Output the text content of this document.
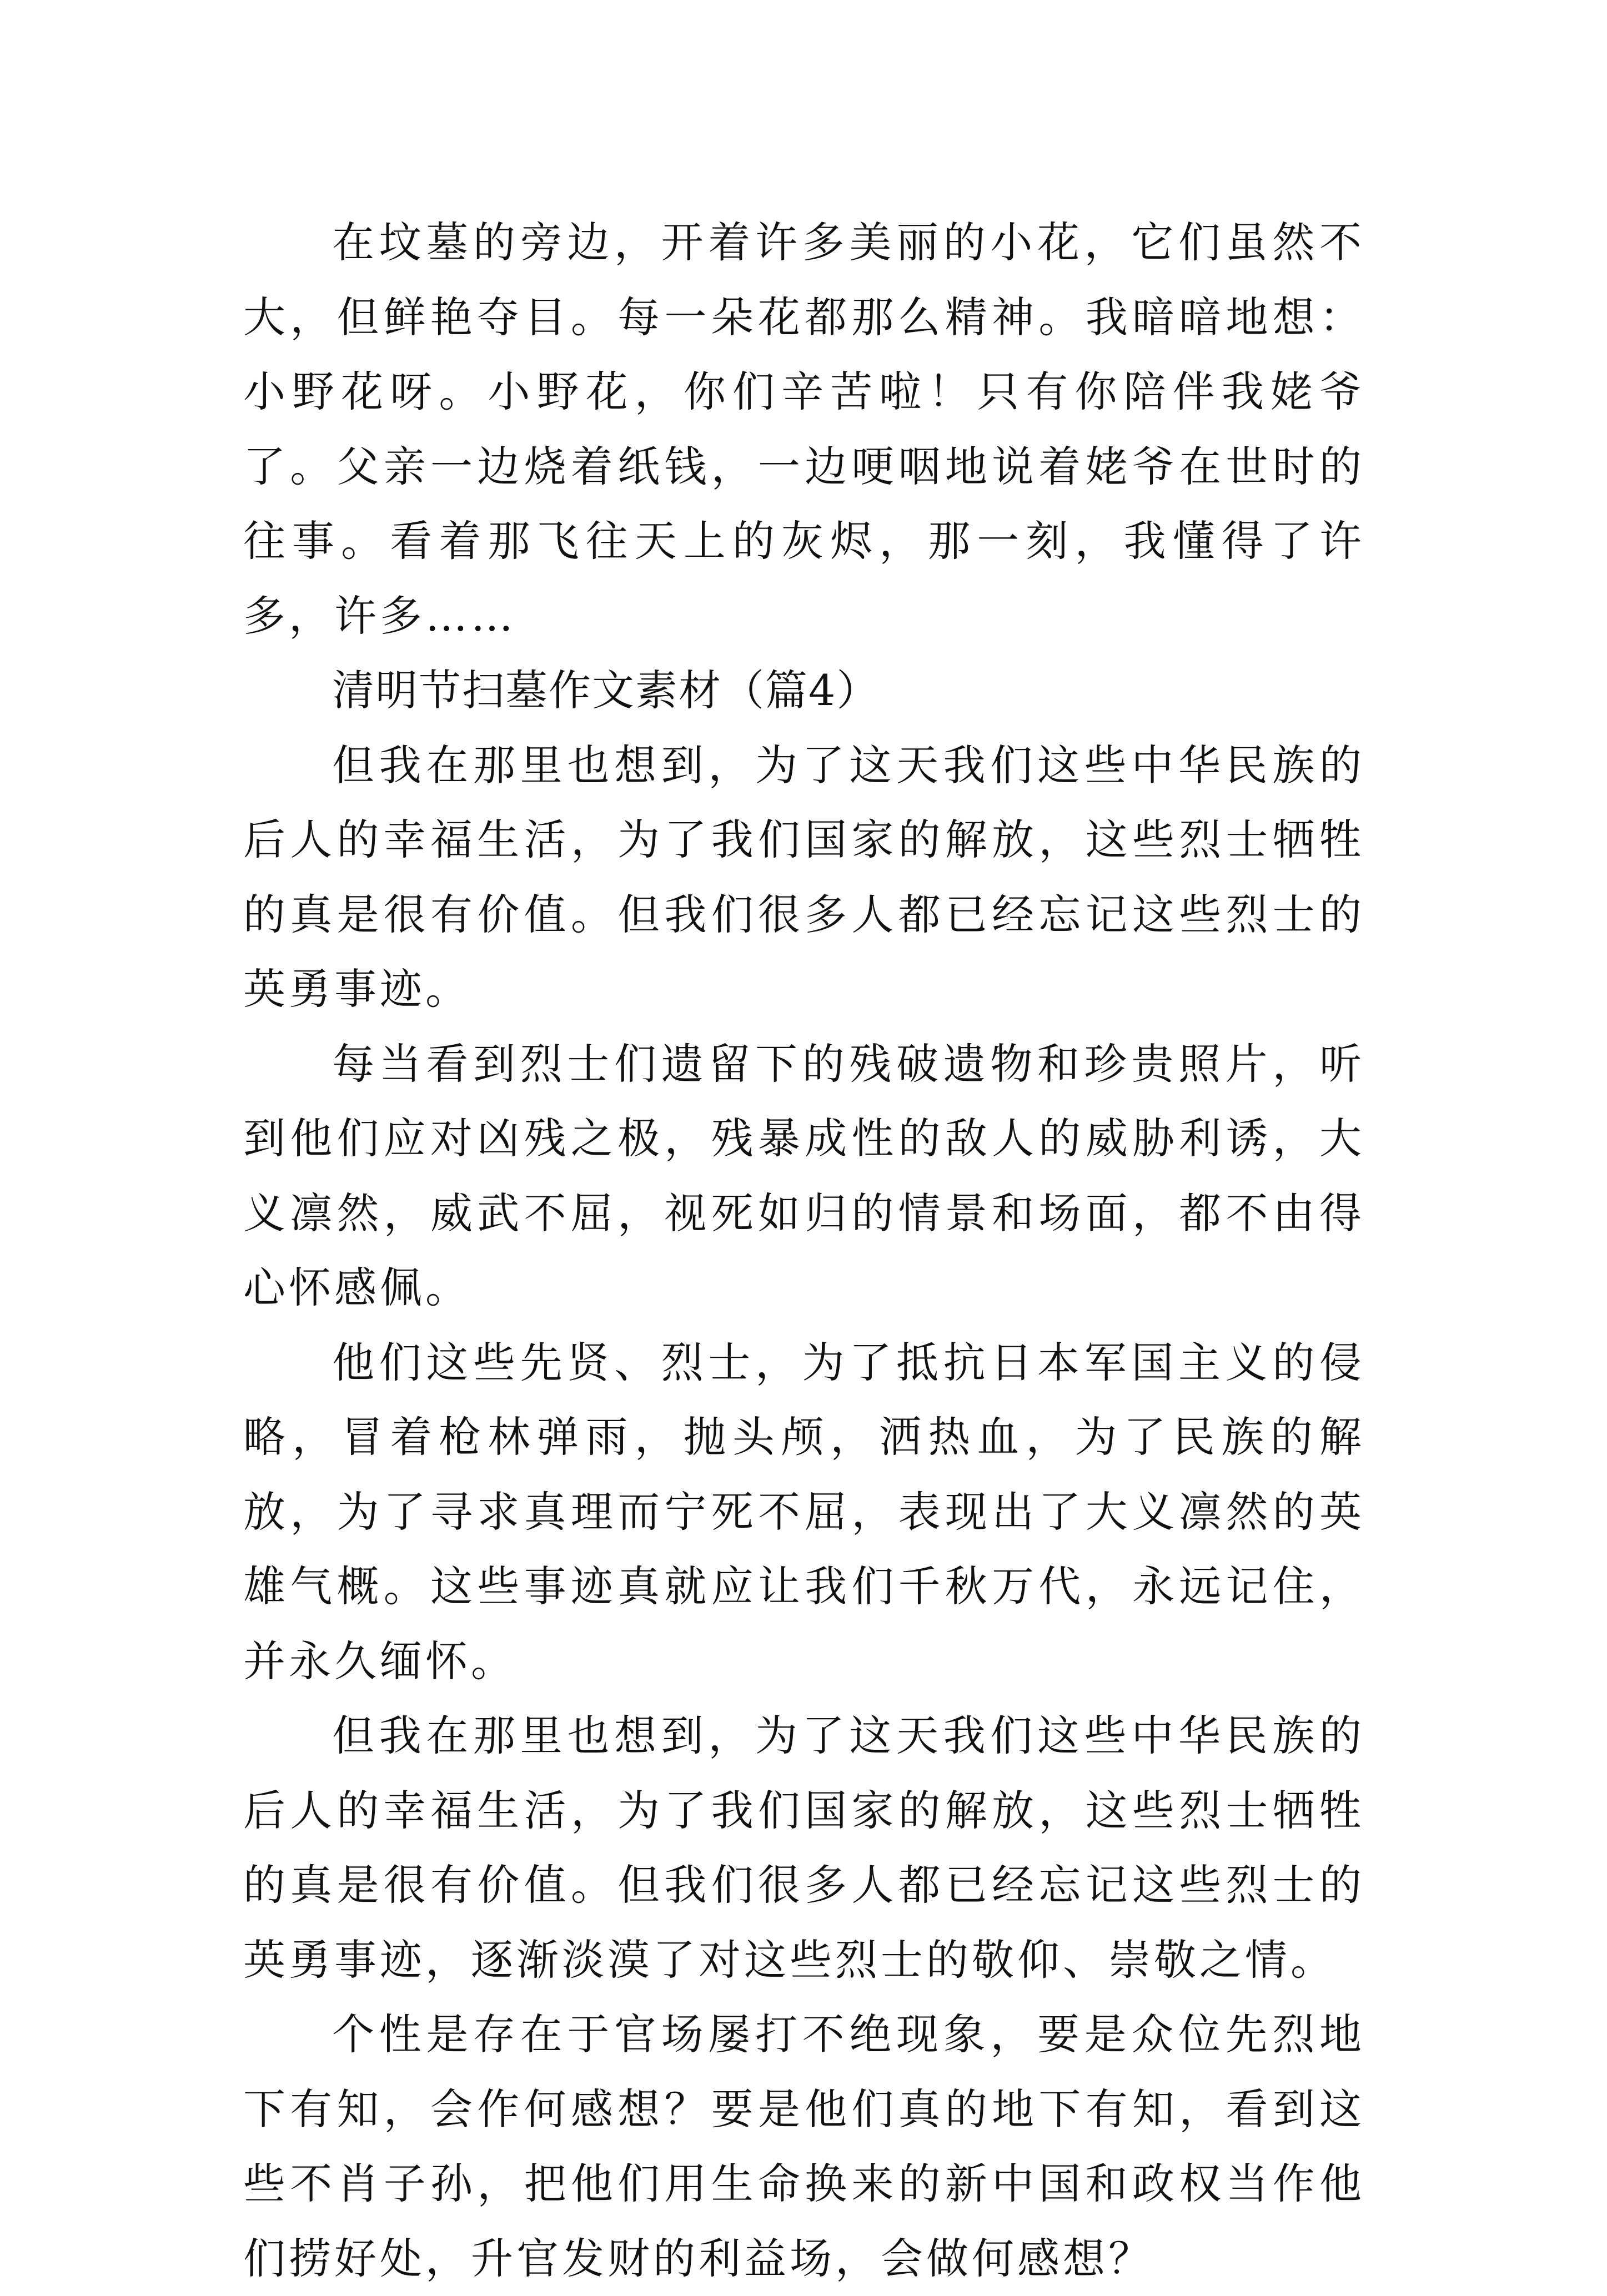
在坟墓的旁边，开着许多美丽的小花，它们虽然不大，但鲜艳夺目。每一朵花都那么精神。我暗暗地想：小野花呀。小野花，你们辛苦啦！只有你陪伴我姥爷了。父亲一边烧着纸钱，一边哽咽地说着姥爷在世时的往事。看着那飞往天上的灰烬，那一刻，我懂得了许多，许多……

清明节扫墓作文素材（篇4）

但我在那里也想到，为了这天我们这些中华民族的后人的幸福生活，为了我们国家的解放，这些烈士牺牲的真是很有价值。但我们很多人都已经忘记这些烈士的英勇事迹。

每当看到烈士们遗留下的残破遗物和珍贵照片，听到他们应对凶残之极，残暴成性的敌人的威胁利诱，大义凛然，威武不屈，视死如归的情景和场面，都不由得心怀感佩。

他们这些先贤、烈士，为了抵抗日本军国主义的侵略，冒着枪林弹雨，抛头颅，洒热血，为了民族的解放，为了寻求真理而宁死不屈，表现出了大义凛然的英雄气概。这些事迹真就应让我们千秋万代，永远记住，并永久缅怀。

但我在那里也想到，为了这天我们这些中华民族的后人的幸福生活，为了我们国家的解放，这些烈士牺牲的真是很有价值。但我们很多人都已经忘记这些烈士的英勇事迹，逐渐淡漠了对这些烈士的敬仰、崇敬之情。

个性是存在于官场屡打不绝现象，要是众位先烈地下有知，会作何感想？要是他们真的地下有知，看到这些不肖子孙，把他们用生命换来的新中国和政权当作他们捞好处，升官发财的利益场，会做何感想？
